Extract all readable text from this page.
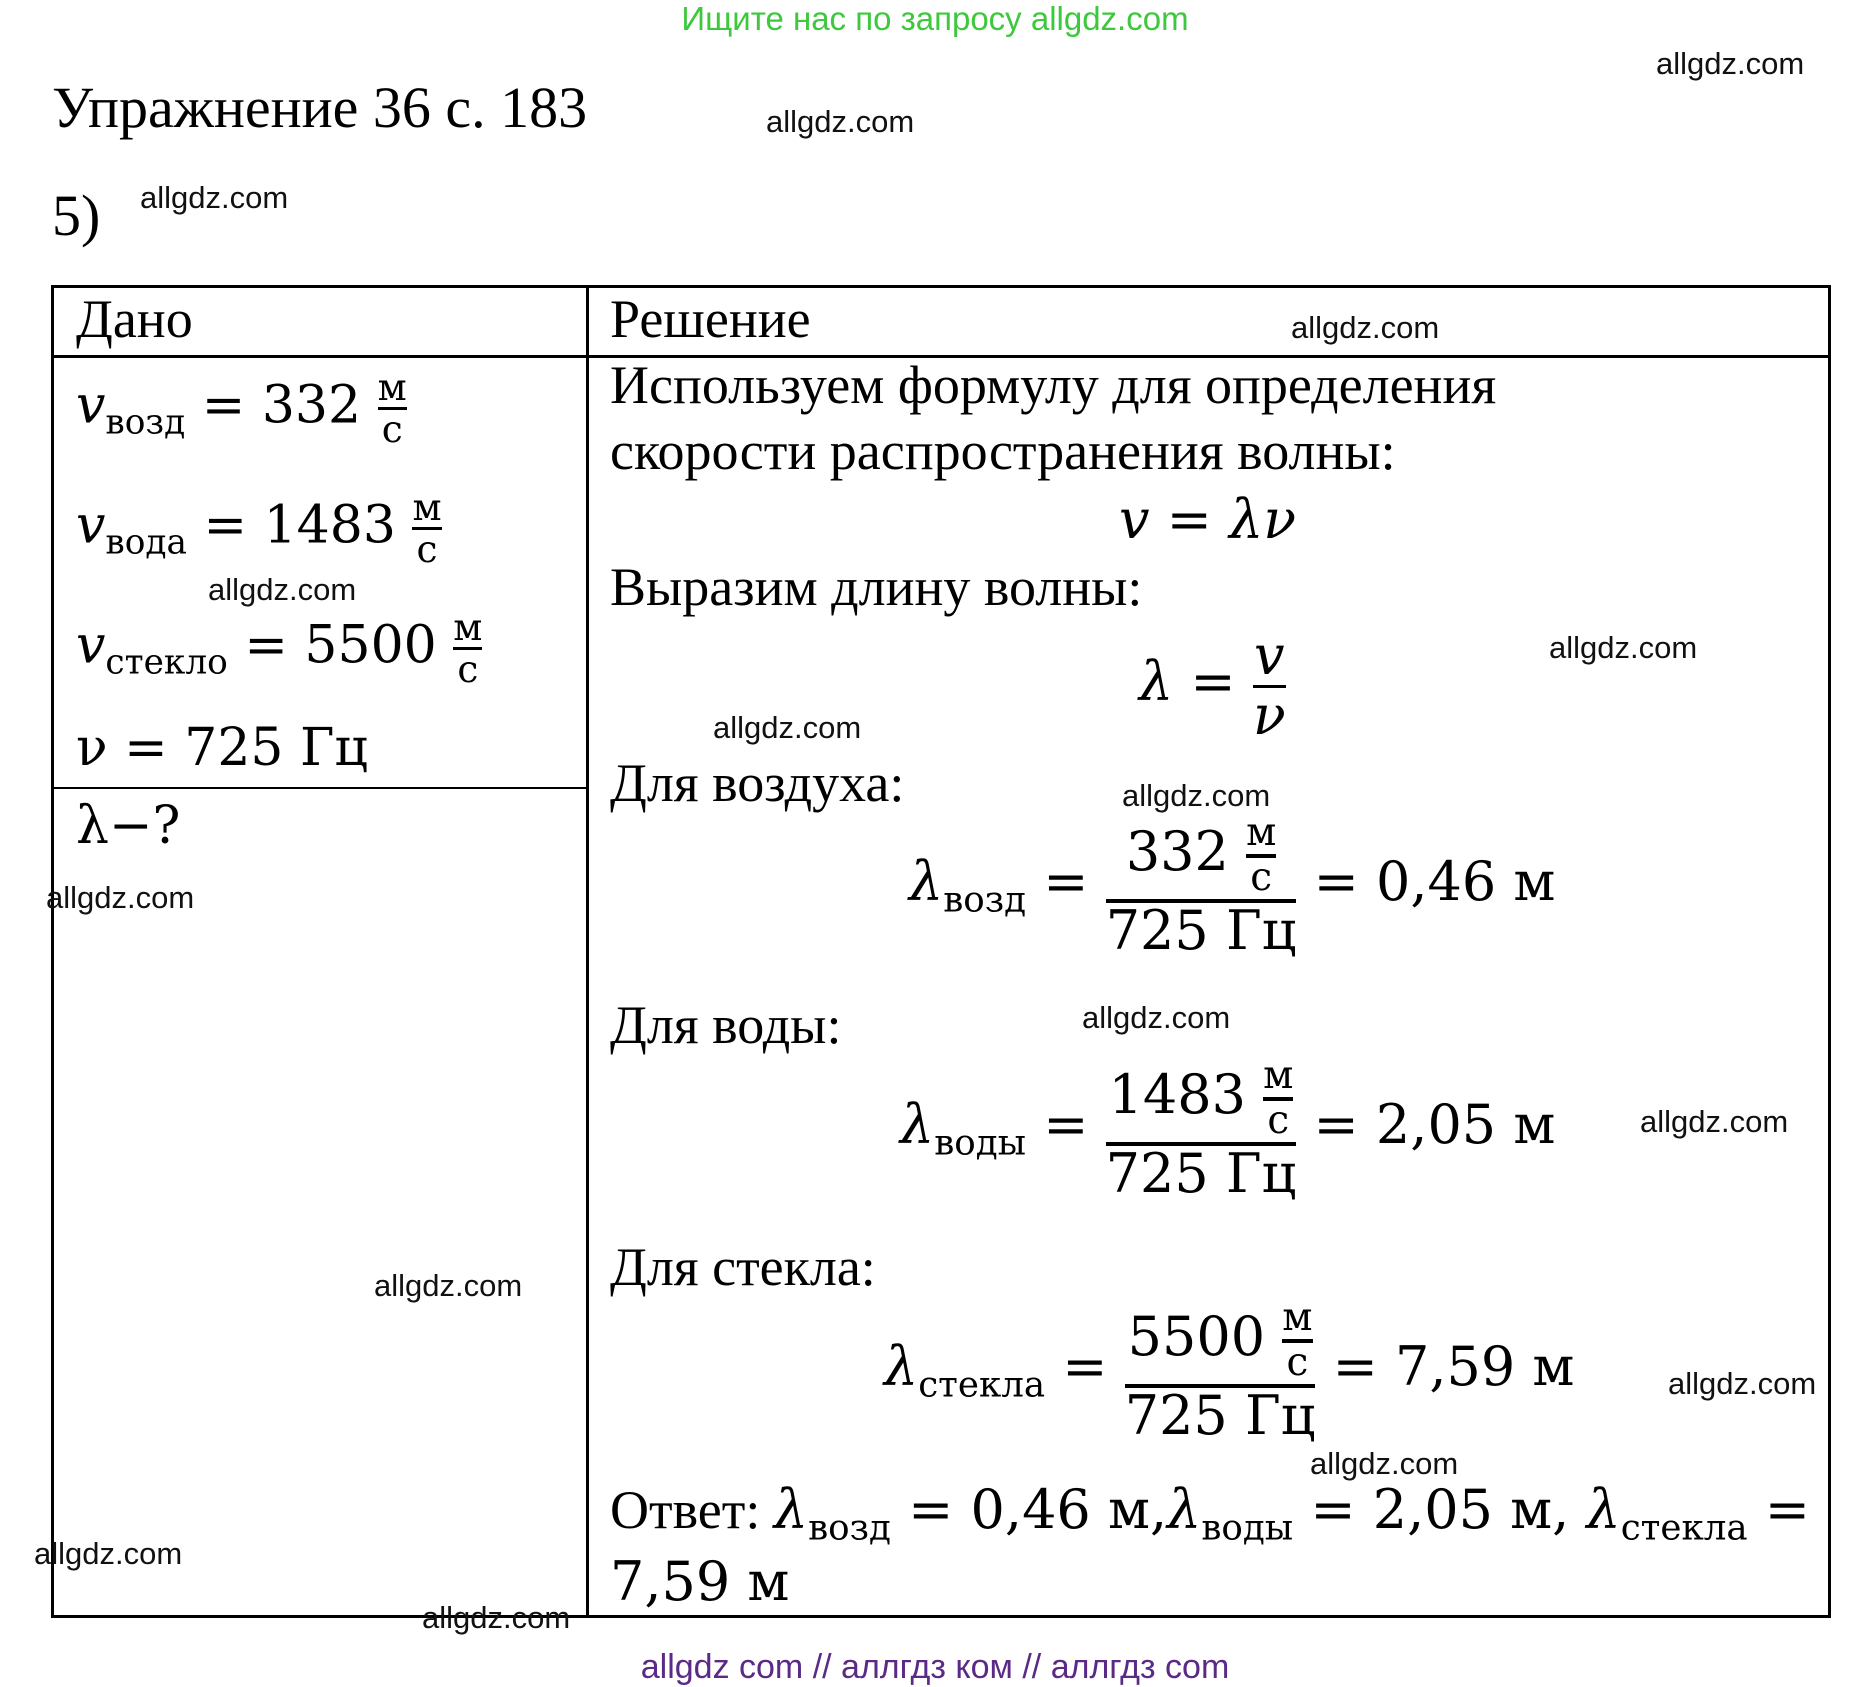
Ищите нас по запросу allgdz.com
allgdz com // аллгдз ком // аллгдз com
Упражнение 36 с. 183
5)
Дано	Решение
$v_{возд} = 332 \frac{м}{с}$
$v_{вода} = 1483 \frac{м}{с}$
$v_{стекло} = 5500 \frac{м}{с}$
ν = 725 Гц
λ−?
Используем формулу для определения
скорости распространения волны:
v = λν
Выразим длину волны:
$\lambda = \frac{v}{\nu}$
Для воздуха:
$\lambda_{возд} = \frac{332 \frac{м}{с}}{725 Гц} = 0,46$ м
Для воды:
$\lambda_{воды} = \frac{1483 \frac{м}{с}}{725 Гц} = 2,05$ м
Для стекла:
$\lambda_{стекла} = \frac{5500 \frac{м}{с}}{725 Гц} = 7,59$ м
Ответ: $\lambda_{возд} = 0,46$ $м,\lambda_{воды} = 2,05$ м, $\lambda_{стекла}$ =
7,59 м
allgdz.com
allgdz.com
allgdz.com
allgdz.com
allgdz.com
allgdz.com
allgdz.com
allgdz.com
allgdz.com
allgdz.com
allgdz.com
allgdz.com
allgdz.com
allgdz.com
allgdz.com
allgdz.com
